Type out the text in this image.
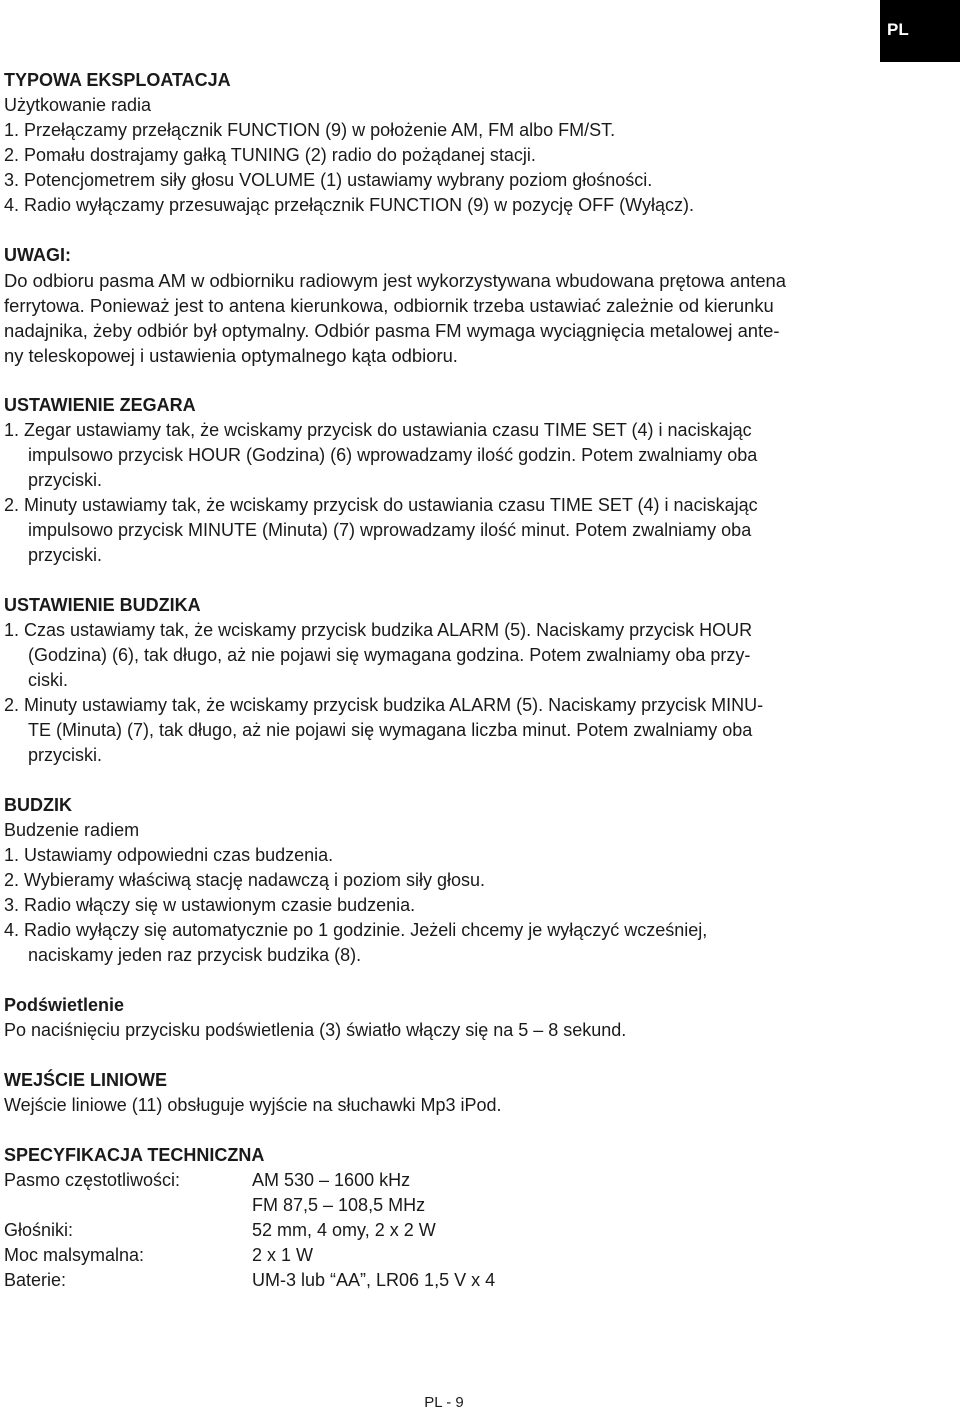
PL
TYPOWA EKSPLOATACJA
Użytkowanie radia
1. Przełączamy przełącznik FUNCTION (9) w położenie AM, FM albo FM/ST.
2. Pomału dostrajamy gałką TUNING (2) radio do pożądanej stacji.
3. Potencjometrem siły głosu VOLUME (1) ustawiamy wybrany poziom głośności.
4. Radio wyłączamy przesuwając przełącznik FUNCTION (9) w pozycję OFF (Wyłącz).
UWAGI:
Do odbioru pasma AM w odbiorniku radiowym jest wykorzystywana wbudowana prętowa antena
ferrytowa. Ponieważ jest to antena kierunkowa, odbiornik trzeba ustawiać zależnie od kierunku
nadajnika, żeby odbiór był optymalny. Odbiór pasma FM wymaga wyciągnięcia metalowej ante-
ny teleskopowej i ustawienia optymalnego kąta odbioru.
USTAWIENIE ZEGARA
1. Zegar ustawiamy tak, że wciskamy przycisk do ustawiania czasu TIME SET (4) i naciskając
impulsowo przycisk HOUR (Godzina) (6) wprowadzamy ilość godzin. Potem zwalniamy oba
przyciski.
2. Minuty ustawiamy tak, że wciskamy przycisk do ustawiania czasu TIME SET (4) i naciskając
impulsowo przycisk MINUTE (Minuta) (7) wprowadzamy ilość minut. Potem zwalniamy oba
przyciski.
USTAWIENIE BUDZIKA
1. Czas ustawiamy tak, że wciskamy przycisk budzika ALARM (5). Naciskamy przycisk HOUR
(Godzina) (6), tak długo, aż nie pojawi się wymagana godzina. Potem zwalniamy oba przy-
ciski.
2. Minuty ustawiamy tak, że wciskamy przycisk budzika ALARM (5). Naciskamy przycisk MINU-
TE (Minuta) (7), tak długo, aż nie pojawi się wymagana liczba minut. Potem zwalniamy oba
przyciski.
BUDZIK
Budzenie radiem
1. Ustawiamy odpowiedni czas budzenia.
2. Wybieramy właściwą stację nadawczą i poziom siły głosu.
3. Radio włączy się w ustawionym czasie budzenia.
4. Radio wyłączy się automatycznie po 1 godzinie. Jeżeli chcemy je wyłączyć wcześniej,
naciskamy jeden raz przycisk budzika (8).
Podświetlenie
Po naciśnięciu przycisku podświetlenia (3) światło włączy się na 5 – 8 sekund.
WEJŚCIE LINIOWE
Wejście liniowe (11) obsługuje wyjście na słuchawki Mp3 iPod.
SPECYFIKACJA TECHNICZNA
Pasmo częstotliwości:	AM 530 – 1600 kHz
FM 87,5 – 108,5 MHz
Głośniki:	52 mm, 4 omy, 2 x 2 W
Moc malsymalna:	2 x 1 W
Baterie:	UM-3 lub “AA”, LR06 1,5 V x 4
PL - 9
